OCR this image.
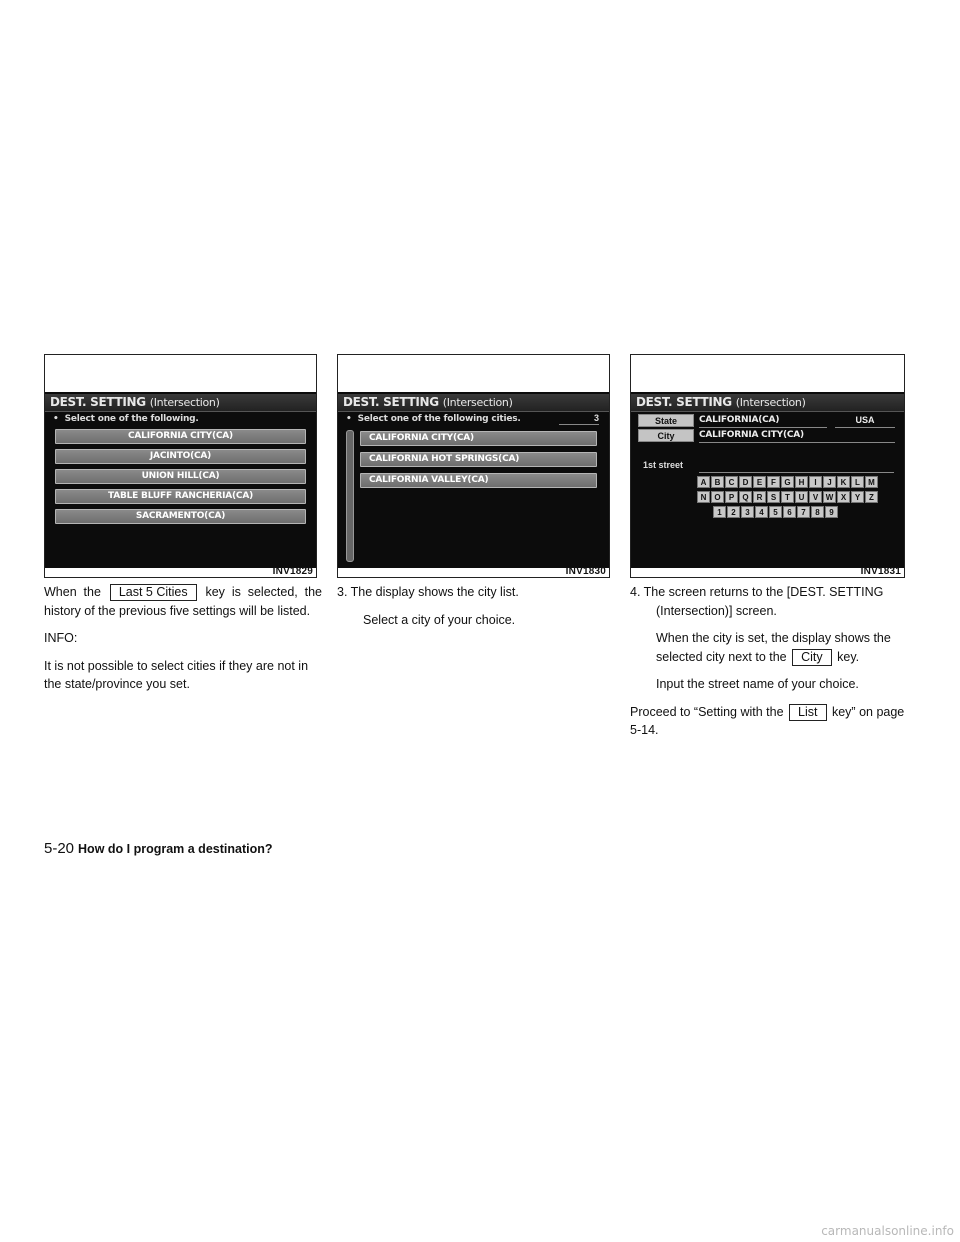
DEST. SETTING (Intersection)
• Select one of the following.
CALIFORNIA CITY(CA)
JACINTO(CA)
UNION HILL(CA)
TABLE BLUFF RANCHERIA(CA)
SACRAMENTO(CA)
INV1829
DEST. SETTING (Intersection)
• Select one of the following cities.	3
CALIFORNIA CITY(CA)
CALIFORNIA HOT SPRINGS(CA)
CALIFORNIA VALLEY(CA)
INV1830
DEST. SETTING (Intersection)
State	CALIFORNIA(CA)	USA
City	CALIFORNIA CITY(CA)
1st street
A	B	C	D	E	F	G	H	I	J	K	L	M
N O	P	Q	R	S	T	U	V W X	Y	Z
1	2	3	4	5	6	7	8	9
INV1831

When the Last 5 Cities key is selected, the
history of the previous five settings will be listed.

INFO:

It is not possible to select cities if they are not in the state/province you set.

3. The display shows the city list.

Select a city of your choice.

4. The screen returns to the [DEST. SETTING (Intersection)] screen.

When the city is set, the display shows the
selected city next to the City key.

Input the street name of your choice.

Proceed to “Setting with the List key” on page
5-14.

5-20 How do I program a destination?
carmanualsonline.info
